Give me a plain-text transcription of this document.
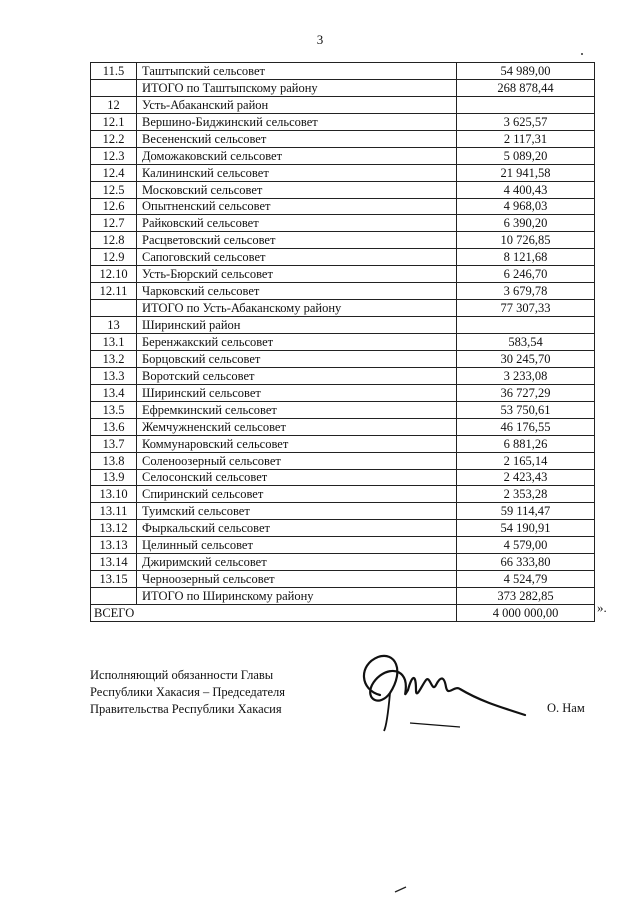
3
11.5	Таштыпский сельсовет	54 989,00
	ИТОГО по Таштыпскому району	268 878,44
12	Усть-Абаканский район	
12.1	Вершино-Биджинский сельсовет	3 625,57
12.2	Весененский сельсовет	2 117,31
12.3	Доможаковский сельсовет	5 089,20
12.4	Калининский сельсовет	21 941,58
12.5	Московский сельсовет	4 400,43
12.6	Опытненский сельсовет	4 968,03
12.7	Райковский сельсовет	6 390,20
12.8	Расцветовский сельсовет	10 726,85
12.9	Сапоговский сельсовет	8 121,68
12.10	Усть-Бюрский сельсовет	6 246,70
12.11	Чарковский сельсовет	3 679,78
	ИТОГО по Усть-Абаканскому району	77 307,33
13	Ширинский район	
13.1	Беренжакский сельсовет	583,54
13.2	Борцовский сельсовет	30 245,70
13.3	Воротский сельсовет	3 233,08
13.4	Ширинский сельсовет	36 727,29
13.5	Ефремкинский сельсовет	53 750,61
13.6	Жемчужненский сельсовет	46 176,55
13.7	Коммунаровский сельсовет	6 881,26
13.8	Соленоозерный сельсовет	2 165,14
13.9	Селосонский сельсовет	2 423,43
13.10	Спиринский сельсовет	2 353,28
13.11	Туимский сельсовет	59 114,47
13.12	Фыркальский сельсовет	54 190,91
13.13	Целинный сельсовет	4 579,00
13.14	Джиримский сельсовет	66 333,80
13.15	Черноозерный сельсовет	4 524,79
	ИТОГО по Ширинскому району	373 282,85
ВСЕГО		4 000 000,00	».
Исполняющий обязанности Главы
Республики Хакасия – Председателя
Правительства Республики Хакасия	О. Нам
